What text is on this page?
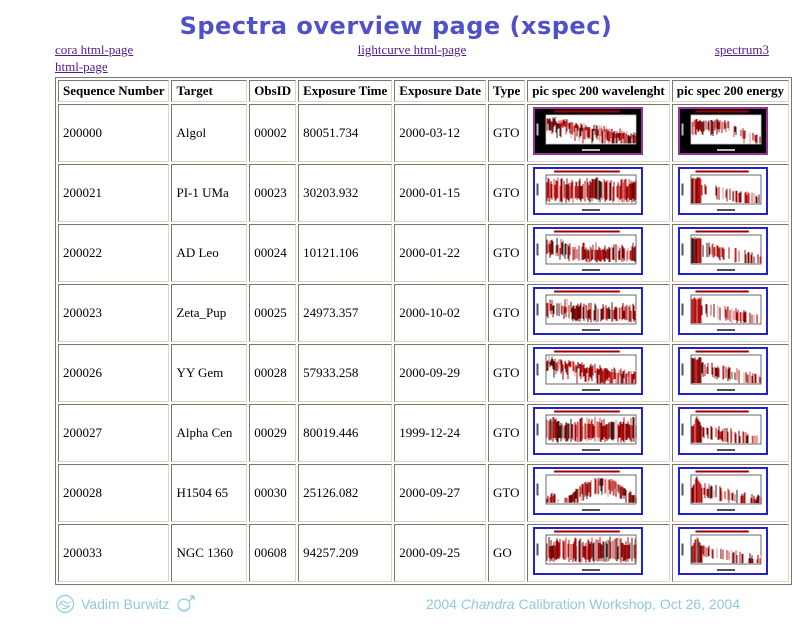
Spectra overview page (xspec)
cora html-page	lightcurve html-page	spectrum3
html-page
Sequence Number	Target	ObsID	Exposure Time	Exposure Date	Type	pic spec 200 wavelenght	pic spec 200 energy
200000	Algol	00002	80051.734	2000-03-12	GTO	

200021	PI-1 UMa	00023	30203.932	2000-01-15	GTO	

200022	AD Leo	00024	10121.106	2000-01-22	GTO	

200023	Zeta_Pup	00025	24973.357	2000-10-02	GTO	

200026	YY Gem	00028	57933.258	2000-09-29	GTO	

200027	Alpha Cen	00029	80019.446	1999-12-24	GTO	

200028	H1504 65	00030	25126.082	2000-09-27	GTO	

200033	NGC 1360	00608	94257.209	2000-09-25	GO	

Vadim Burwitz	2004 Chandra Calibration Workshop, Oct 26, 2004
